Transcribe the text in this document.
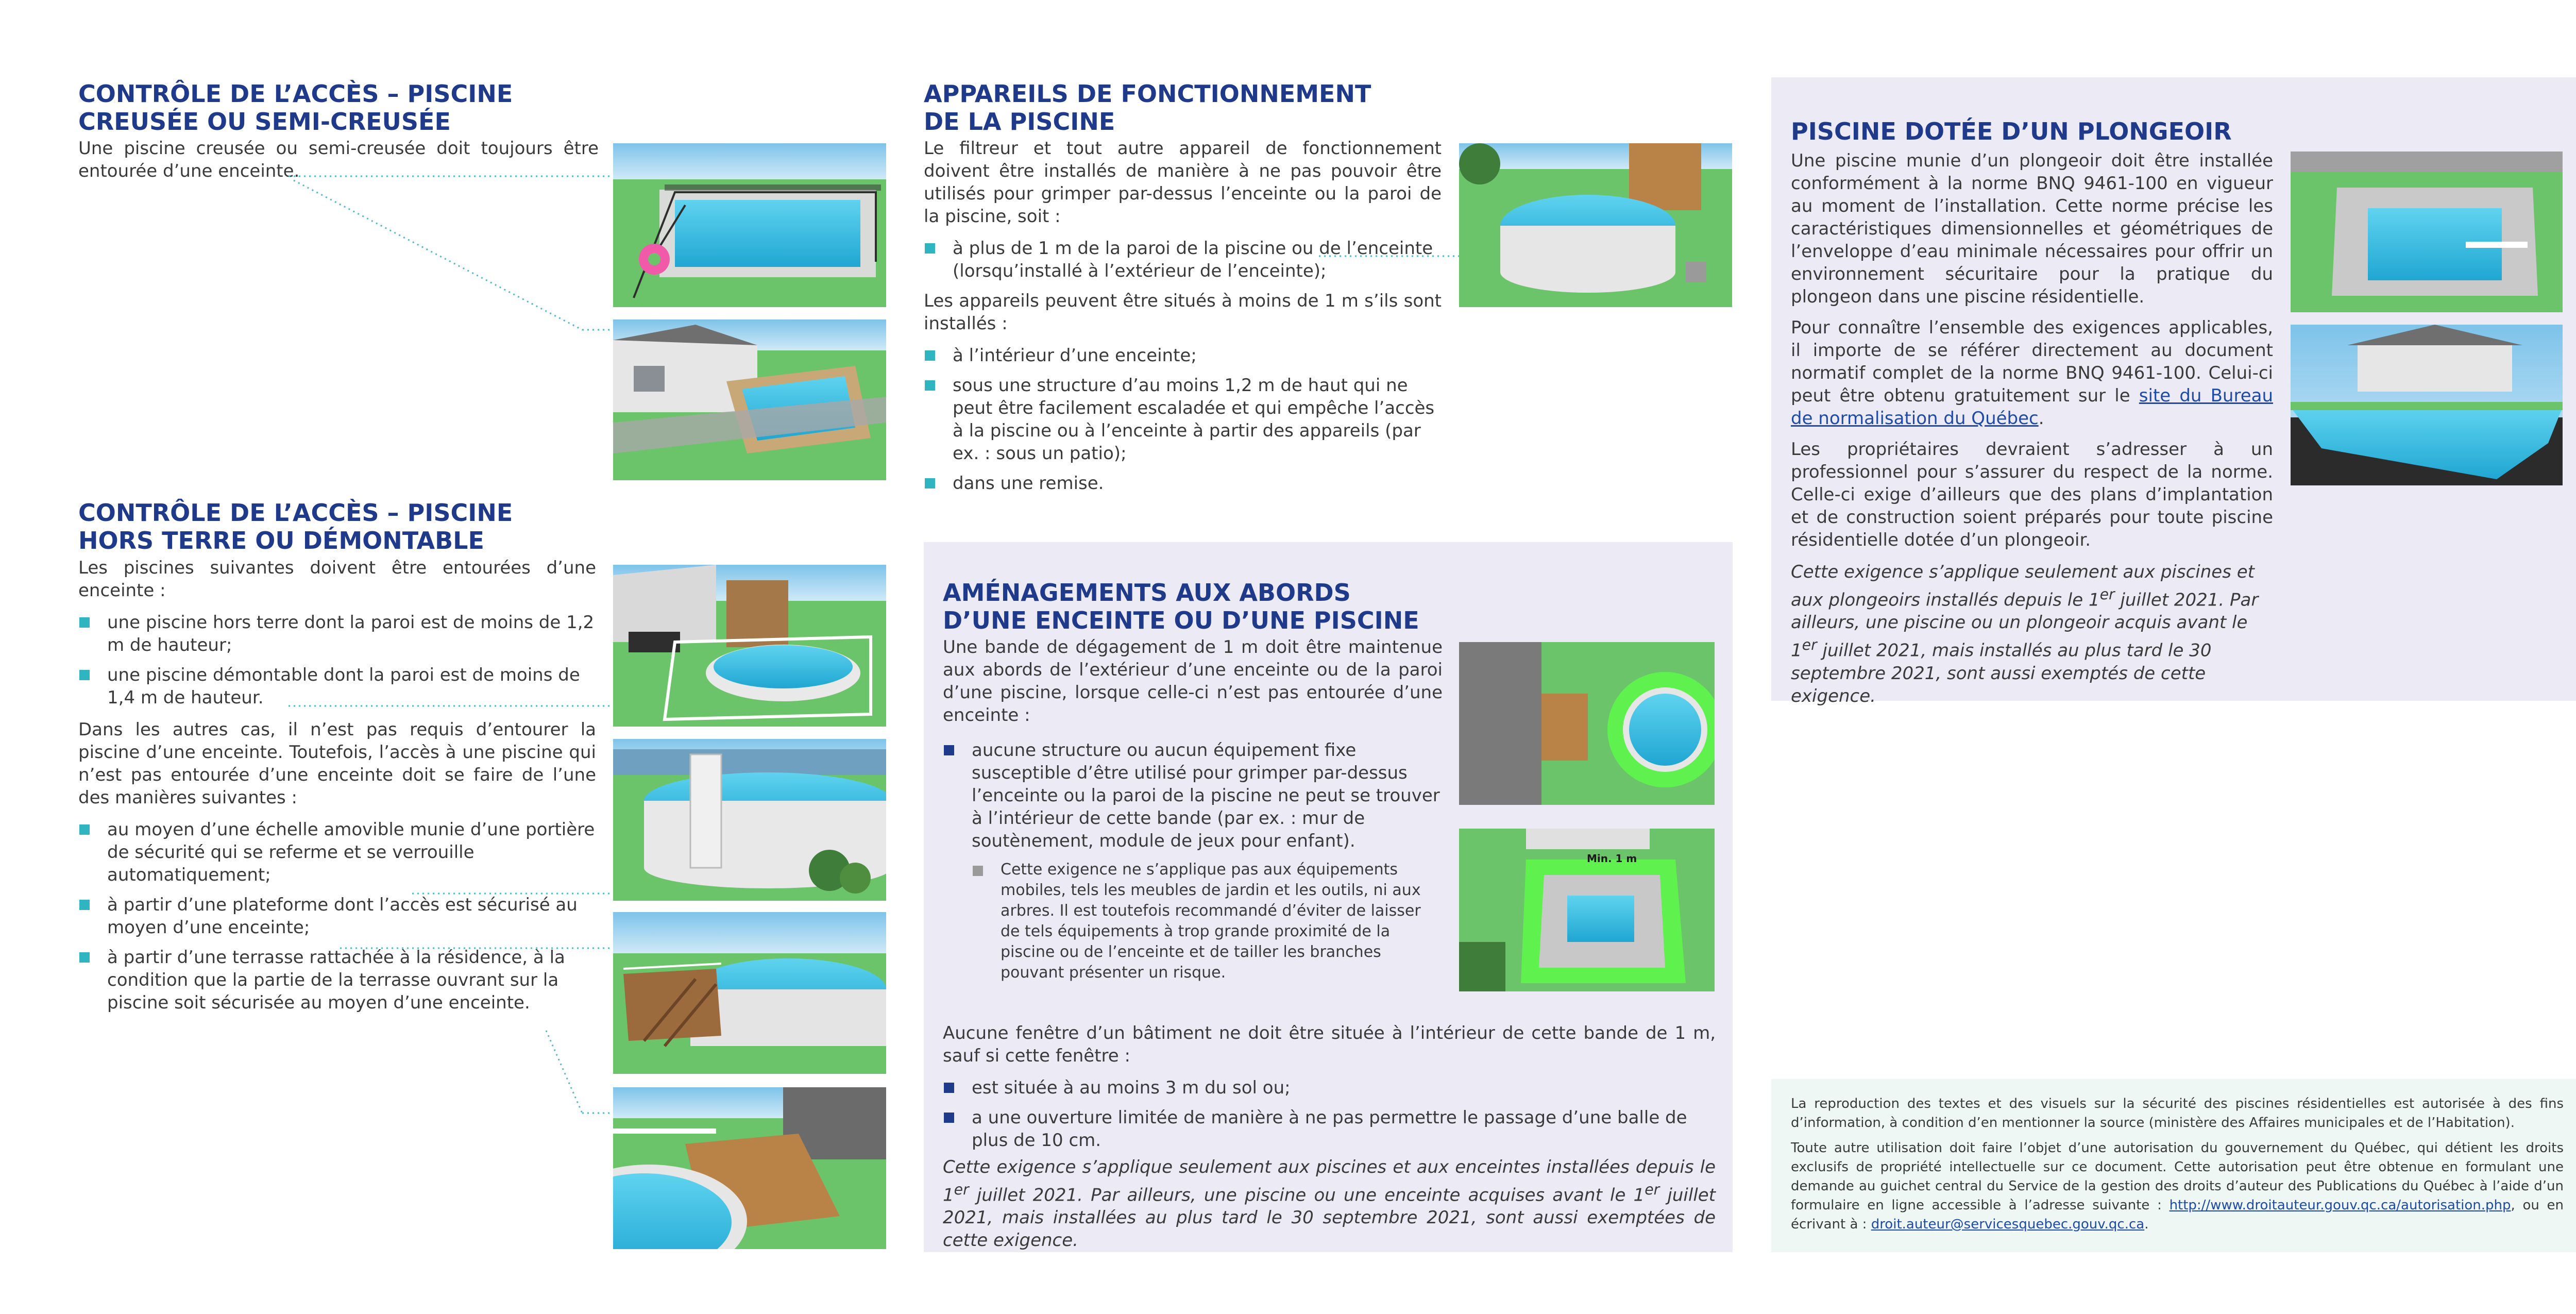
CONTRÔLE DE L’ACCÈS – PISCINE
CREUSÉE OU SEMI-CREUSÉE

Une piscine creusée ou semi-creusée doit toujours être entourée d’une enceinte.

CONTRÔLE DE L’ACCÈS – PISCINE
HORS TERRE OU DÉMONTABLE

Les piscines suivantes doivent être entourées d’une enceinte :

une piscine hors terre dont la paroi est de moins de 1,2 m de hauteur;
une piscine démontable dont la paroi est de moins de 1,4 m de hauteur.

Dans les autres cas, il n’est pas requis d’entourer la piscine d’une enceinte. Toutefois, l’accès à une piscine qui n’est pas entourée d’une enceinte doit se faire de l’une des manières suivantes :

au moyen d’une échelle amovible munie d’une portière de sécurité qui se referme et se verrouille automatiquement;
à partir d’une plateforme dont l’accès est sécurisé au moyen d’une enceinte;
à partir d’une terrasse rattachée à la résidence, à la condition que la partie de la terrasse ouvrant sur la piscine soit sécurisée au moyen d’une enceinte.
APPAREILS DE FONCTIONNEMENT
DE LA PISCINE

Le filtreur et tout autre appareil de fonctionnement doivent être installés de manière à ne pas pouvoir être utilisés pour grimper par-dessus l’enceinte ou la paroi de la piscine, soit :

à plus de 1 m de la paroi de la piscine ou de l’enceinte (lorsqu’installé à l’extérieur de l’enceinte);

Les appareils peuvent être situés à moins de 1 m s’ils sont installés :

à l’intérieur d’une enceinte;
sous une structure d’au moins 1,2 m de haut qui ne peut être facilement escaladée et qui empêche l’accès à la piscine ou à l’enceinte à partir des appareils (par ex. : sous un patio);
dans une remise.
AMÉNAGEMENTS AUX ABORDS
D’UNE ENCEINTE OU D’UNE PISCINE

Une bande de dégagement de 1 m doit être maintenue aux abords de l’extérieur d’une enceinte ou de la paroi d’une piscine, lorsque celle-ci n’est pas entourée d’une enceinte :

aucune structure ou aucun équipement fixe susceptible d’être utilisé pour grimper par-dessus l’enceinte ou la paroi de la piscine ne peut se trouver à l’intérieur de cette bande (par ex. : mur de soutènement, module de jeux pour enfant).
Cette exigence ne s’applique pas aux équipements mobiles, tels les meubles de jardin et les outils, ni aux arbres. Il est toutefois recommandé d’éviter de laisser de tels équipements à trop grande proximité de la piscine ou de l’enceinte et de tailler les branches pouvant présenter un risque.

Aucune fenêtre d’un bâtiment ne doit être située à l’intérieur de cette bande de 1 m, sauf si cette fenêtre :

est située à au moins 3 m du sol ou;
a une ouverture limitée de manière à ne pas permettre le passage d’une balle de plus de 10 cm.

Cette exigence s’applique seulement aux piscines et aux enceintes installées depuis le 1er juillet 2021. Par ailleurs, une piscine ou une enceinte acquises avant le 1er juillet 2021, mais installées au plus tard le 30 septembre 2021, sont aussi exemptées de cette exigence.

Min. 1 m
PISCINE DOTÉE D’UN PLONGEOIR

Une piscine munie d’un plongeoir doit être installée conformément à la norme BNQ 9461-100 en vigueur au moment de l’installation. Cette norme précise les caractéristiques dimensionnelles et géométriques de l’enveloppe d’eau minimale nécessaires pour offrir un environnement sécuritaire pour la pratique du plongeon dans une piscine résidentielle.

Pour connaître l’ensemble des exigences applicables, il importe de se référer directement au document normatif complet de la norme BNQ 9461-100. Celui-ci peut être obtenu gratuitement sur le site du Bureau de normalisation du Québec.

Les propriétaires devraient s’adresser à un professionnel pour s’assurer du respect de la norme. Celle-ci exige d’ailleurs que des plans d’implantation et de construction soient préparés pour toute piscine résidentielle dotée d’un plongeoir.

Cette exigence s’applique seulement aux piscines et aux plongeoirs installés depuis le 1er juillet 2021. Par ailleurs, une piscine ou un plongeoir acquis avant le 1er juillet 2021, mais installés au plus tard le 30 septembre 2021, sont aussi exemptés de cette exigence.

La reproduction des textes et des visuels sur la sécurité des piscines résidentielles est autorisée à des fins d’information, à condition d’en mentionner la source (ministère des Affaires municipales et de l’Habitation).

Toute autre utilisation doit faire l’objet d’une autorisation du gouvernement du Québec, qui détient les droits exclusifs de propriété intellectuelle sur ce document. Cette autorisation peut être obtenue en formulant une demande au guichet central du Service de la gestion des droits d’auteur des Publications du Québec à l’aide d’un formulaire en ligne accessible à l’adresse suivante : http://www.droitauteur.gouv.qc.ca/autorisation.php, ou en écrivant à : droit.auteur@servicesquebec.gouv.qc.ca.
